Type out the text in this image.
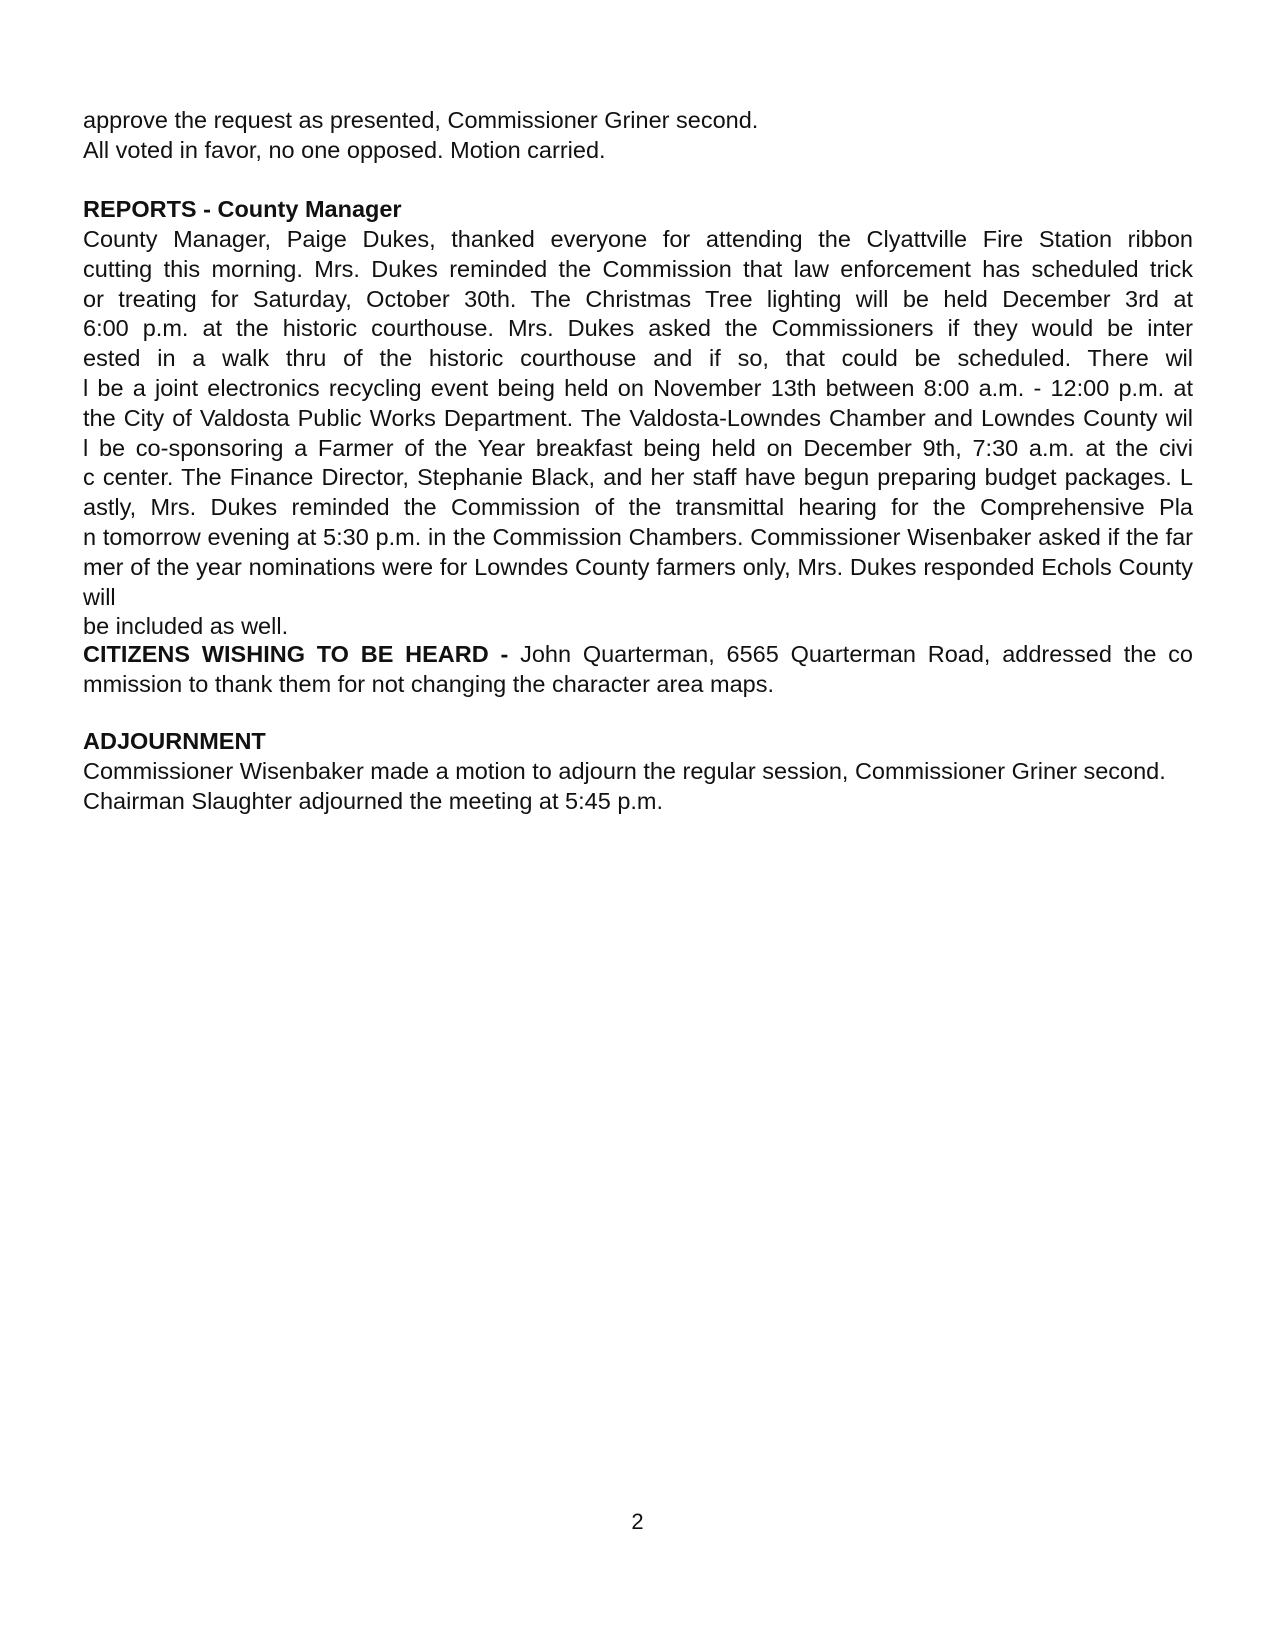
approve the request as presented, Commissioner Griner second.
All voted in favor, no one opposed. Motion carried.
REPORTS - County Manager
County Manager, Paige Dukes, thanked everyone for attending the Clyattville Fire Station ribbon
cutting this morning. Mrs. Dukes reminded the Commission that law enforcement has scheduled trick
or treating for Saturday, October 30th. The Christmas Tree lighting will be held December 3rd at
6:00 p.m. at the historic courthouse. Mrs. Dukes asked the Commissioners if they would be inter
ested in a walk thru of the historic courthouse and if so, that could be scheduled. There wil
l be a joint electronics recycling event being held on November 13th between 8:00 a.m. - 12:00 p.m. at
the City of Valdosta Public Works Department. The Valdosta-Lowndes Chamber and Lowndes County wil
l be co-sponsoring a Farmer of the Year breakfast being held on December 9th, 7:30 a.m. at the civi
c center. The Finance Director, Stephanie Black, and her staff have begun preparing budget packages. L
astly, Mrs. Dukes reminded the Commission of the transmittal hearing for the Comprehensive Pla
n tomorrow evening at 5:30 p.m. in the Commission Chambers. Commissioner Wisenbaker asked if the far
mer of the year nominations were for Lowndes County farmers only, Mrs. Dukes responded Echols County will
be included as well.
CITIZENS WISHING TO BE HEARD - John Quarterman, 6565 Quarterman Road, addressed the co
mmission to thank them for not changing the character area maps.
ADJOURNMENT
Commissioner Wisenbaker made a motion to adjourn the regular session, Commissioner Griner second.
Chairman Slaughter adjourned the meeting at 5:45 p.m.
2
